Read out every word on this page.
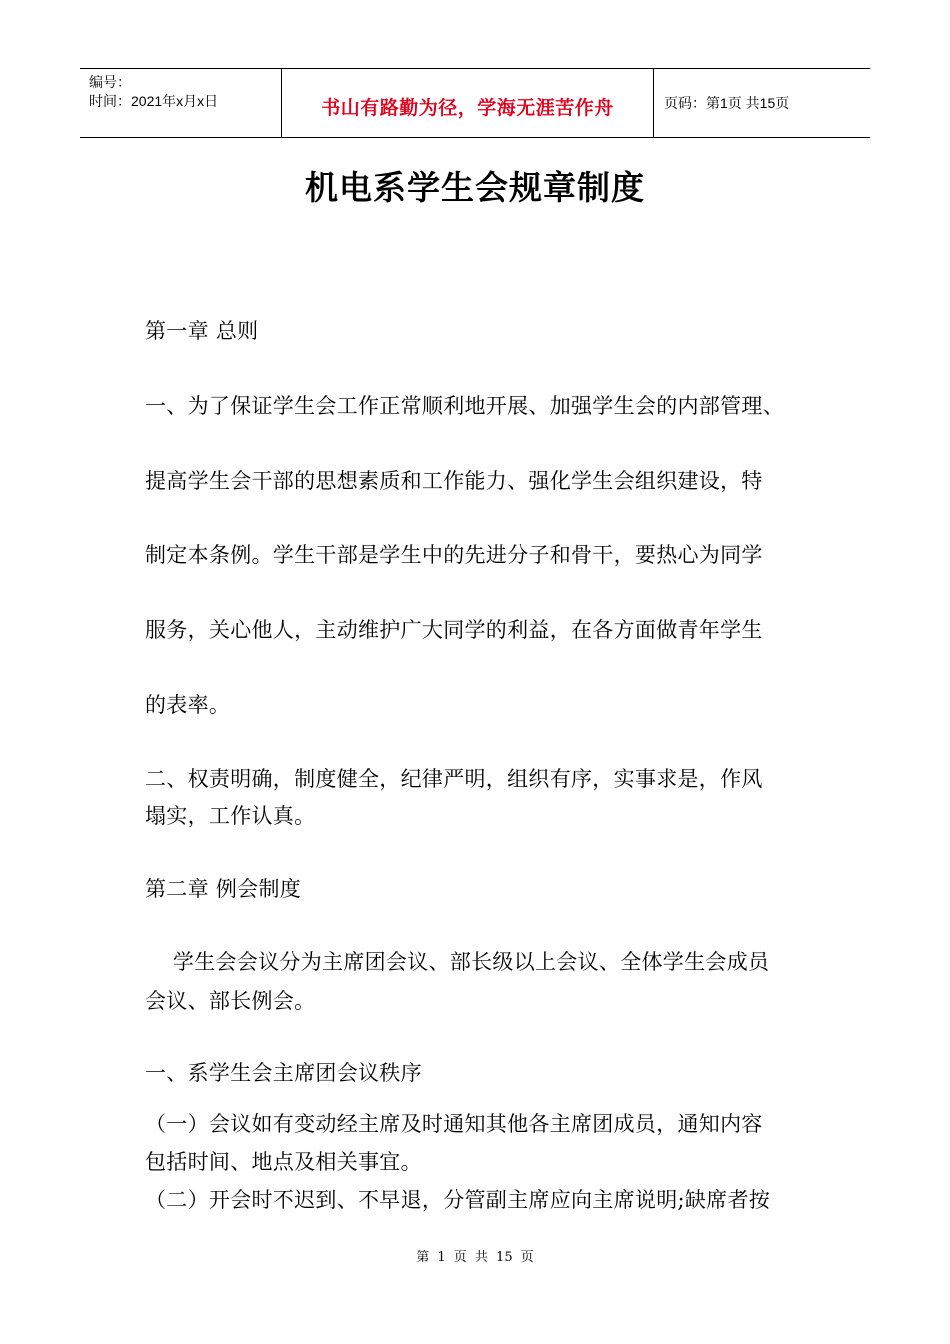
编号：
时间：2021年x月x日	书山有路勤为径，学海无涯苦作舟	页码：第1页 共15页
机电系学生会规章制度
第一章 总则
一、为了保证学生会工作正常顺利地开展、加强学生会的内部管理、
提高学生会干部的思想素质和工作能力、强化学生会组织建设，特
制定本条例。学生干部是学生中的先进分子和骨干，要热心为同学
服务，关心他人，主动维护广大同学的利益，在各方面做青年学生
的表率。
二、权责明确，制度健全，纪律严明，组织有序，实事求是，作风
塌实，工作认真。
第二章 例会制度
学生会会议分为主席团会议、部长级以上会议、全体学生会成员
会议、部长例会。
一、系学生会主席团会议秩序
（一）会议如有变动经主席及时通知其他各主席团成员，通知内容
包括时间、地点及相关事宜。
（二）开会时不迟到、不早退，分管副主席应向主席说明;缺席者按
第 1 页 共 15 页
